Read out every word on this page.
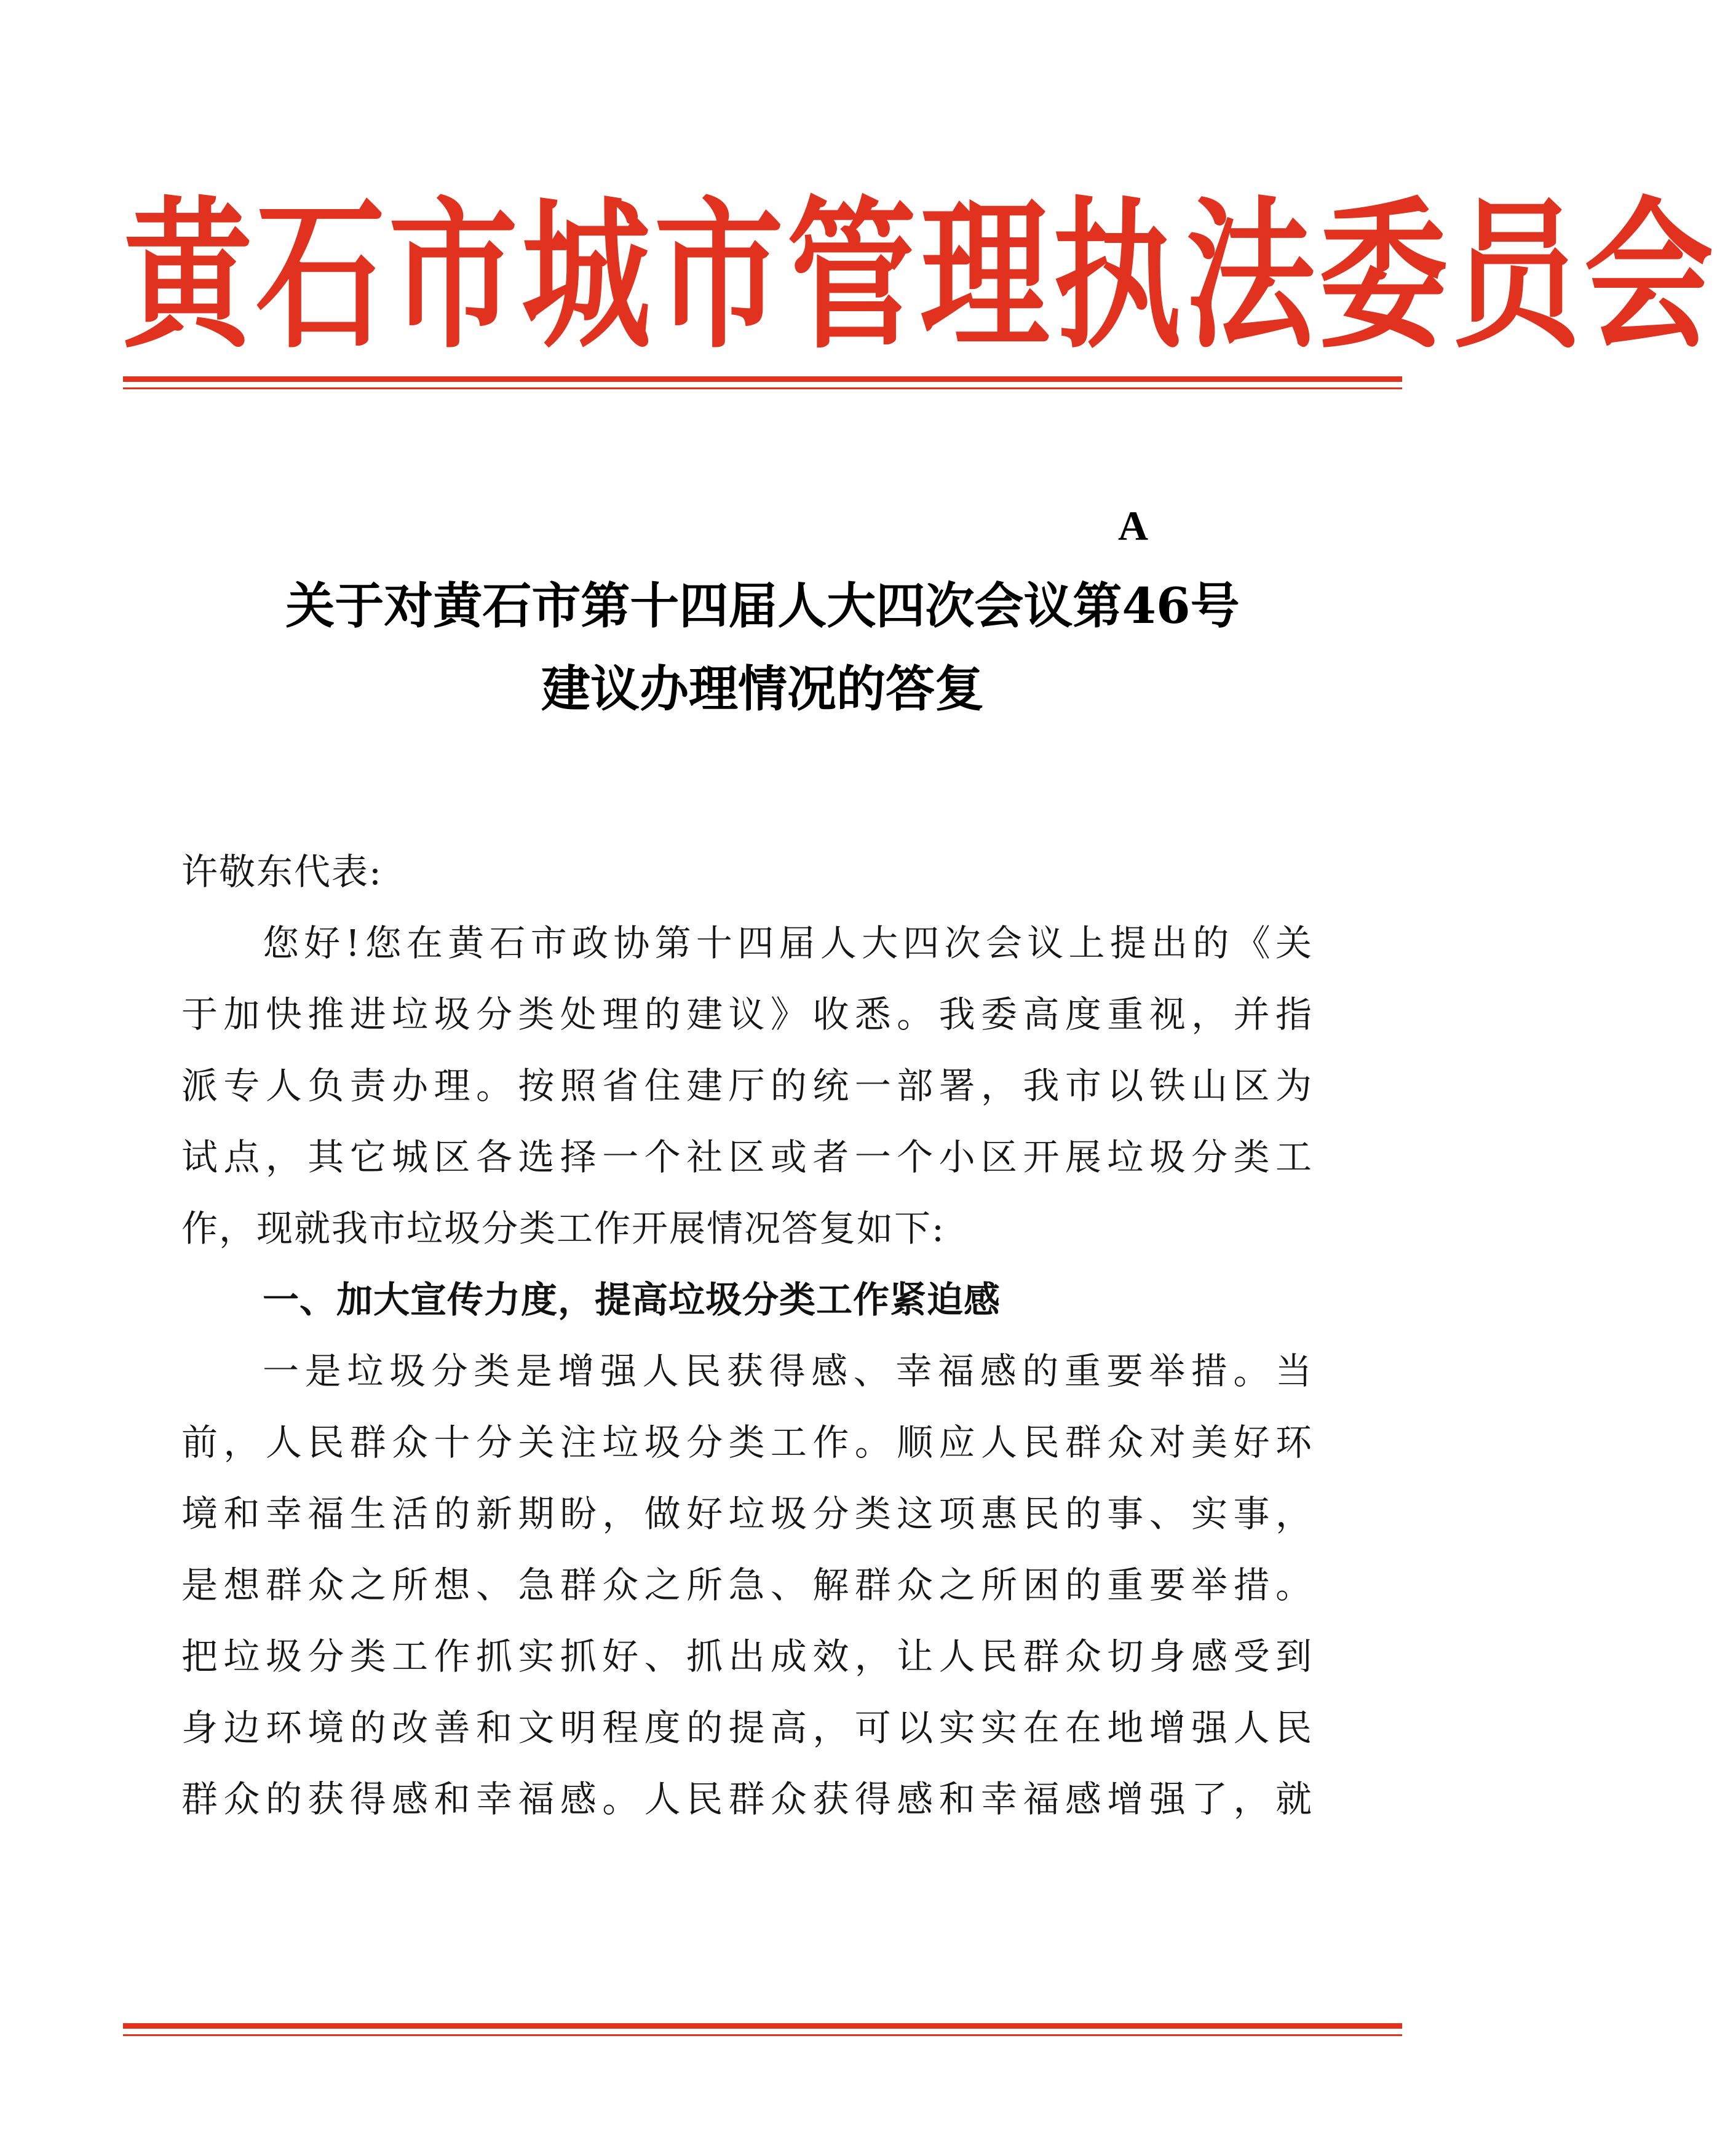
黄石市城市管理执法委员会
A
关于对黄石市第十四届人大四次会议第46号
建议办理情况的答复
许敬东代表:
您好!您在黄石市政协第十四届人大四次会议上提出的《关
于加快推进垃圾分类处理的建议》收悉。我委高度重视，并指
派专人负责办理。按照省住建厅的统一部署，我市以铁山区为
试点，其它城区各选择一个社区或者一个小区开展垃圾分类工
作，现就我市垃圾分类工作开展情况答复如下:
一、加大宣传力度，提高垃圾分类工作紧迫感
一是垃圾分类是增强人民获得感、幸福感的重要举措。当
前，人民群众十分关注垃圾分类工作。顺应人民群众对美好环
境和幸福生活的新期盼，做好垃圾分类这项惠民的事、实事，
是想群众之所想、急群众之所急、解群众之所困的重要举措。
把垃圾分类工作抓实抓好、抓出成效，让人民群众切身感受到
身边环境的改善和文明程度的提高，可以实实在在地增强人民
群众的获得感和幸福感。人民群众获得感和幸福感增强了，就
